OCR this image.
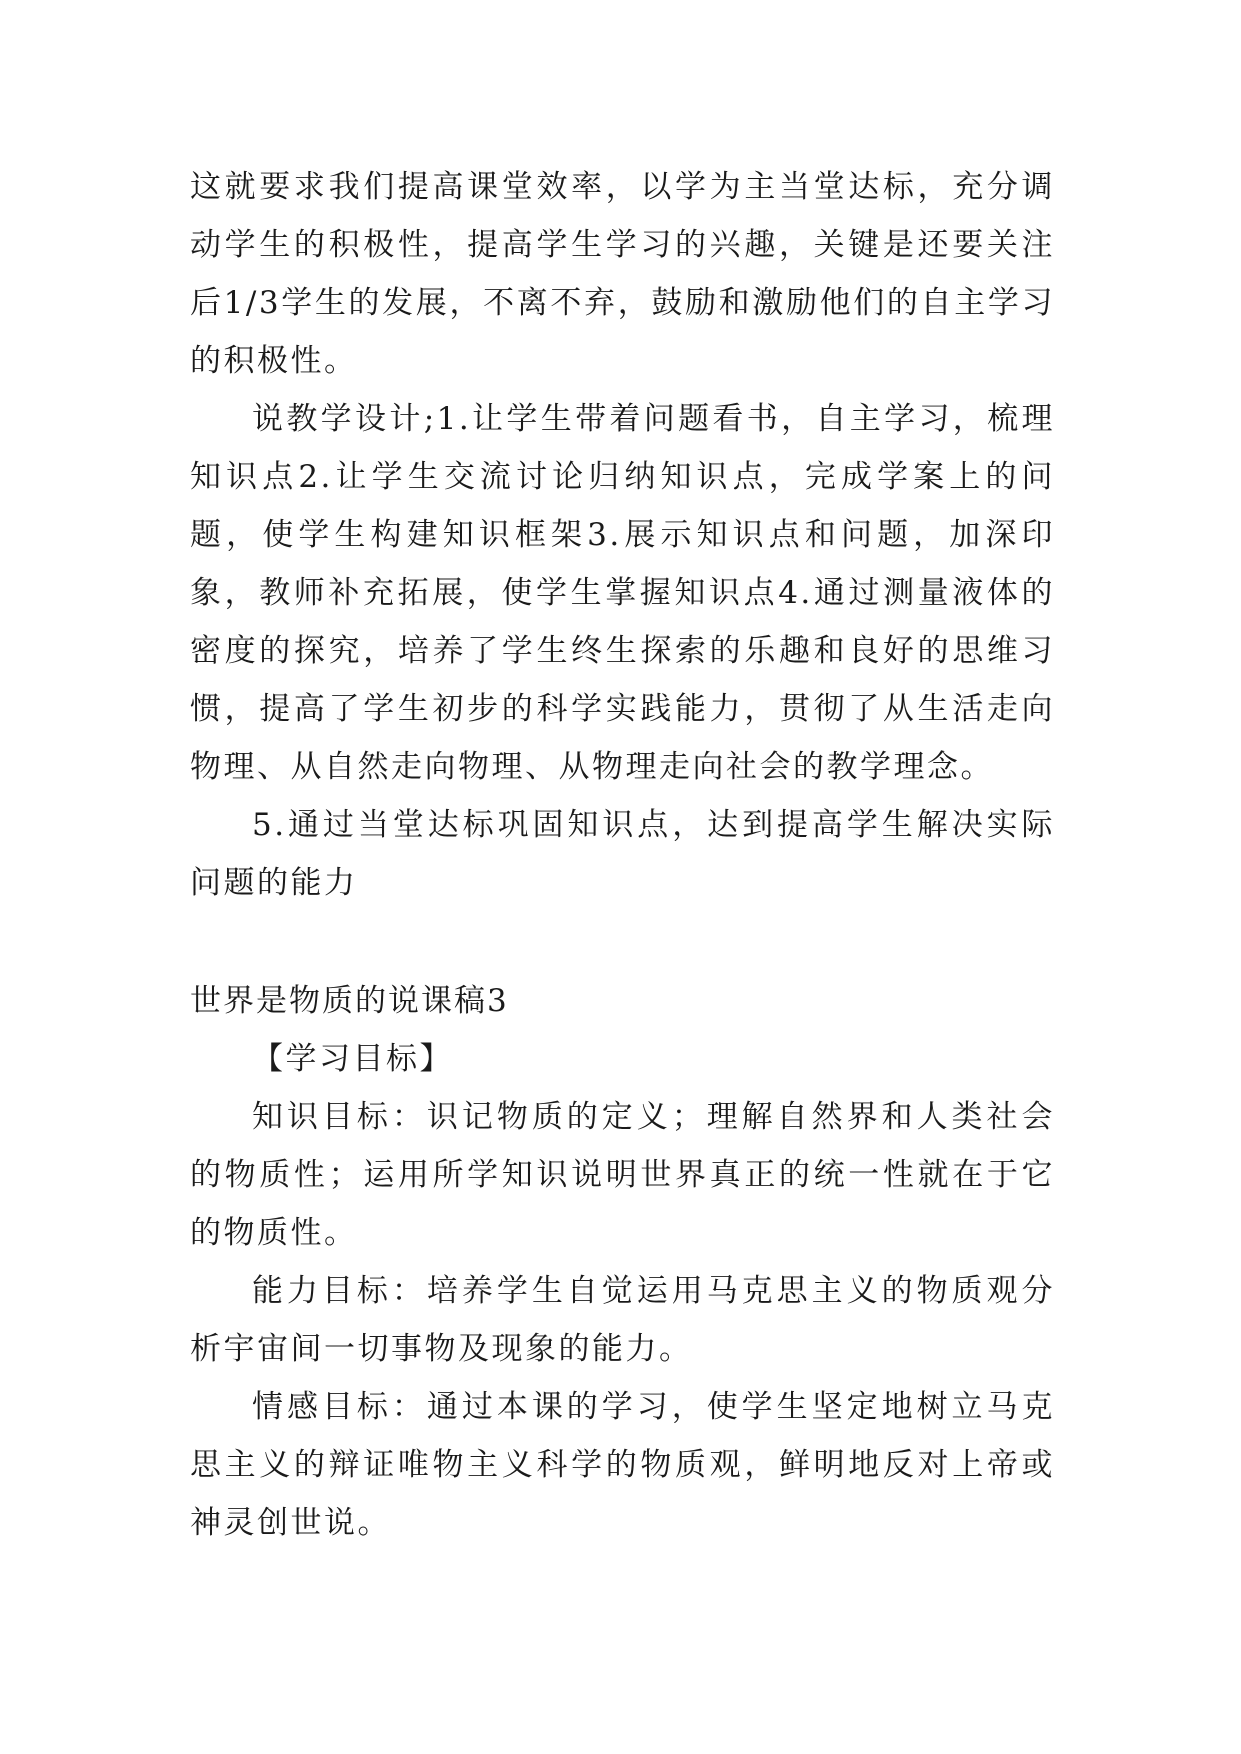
这就要求我们提高课堂效率，以学为主当堂达标，充分调动学生的积极性，提高学生学习的兴趣，关键是还要关注后1/3学生的发展，不离不弃，鼓励和激励他们的自主学习的积极性。

说教学设计;1.让学生带着问题看书，自主学习，梳理知识点2.让学生交流讨论归纳知识点，完成学案上的问题，使学生构建知识框架3.展示知识点和问题，加深印象，教师补充拓展，使学生掌握知识点4.通过测量液体的密度的探究，培养了学生终生探索的乐趣和良好的思维习惯，提高了学生初步的科学实践能力，贯彻了从生活走向物理、从自然走向物理、从物理走向社会的教学理念。

5.通过当堂达标巩固知识点，达到提高学生解决实际问题的能力

世界是物质的说课稿3

【学习目标】

知识目标：识记物质的定义；理解自然界和人类社会的物质性；运用所学知识说明世界真正的统一性就在于它的物质性。

能力目标：培养学生自觉运用马克思主义的物质观分析宇宙间一切事物及现象的能力。

情感目标：通过本课的学习，使学生坚定地树立马克思主义的辩证唯物主义科学的物质观，鲜明地反对上帝或神灵创世说。
